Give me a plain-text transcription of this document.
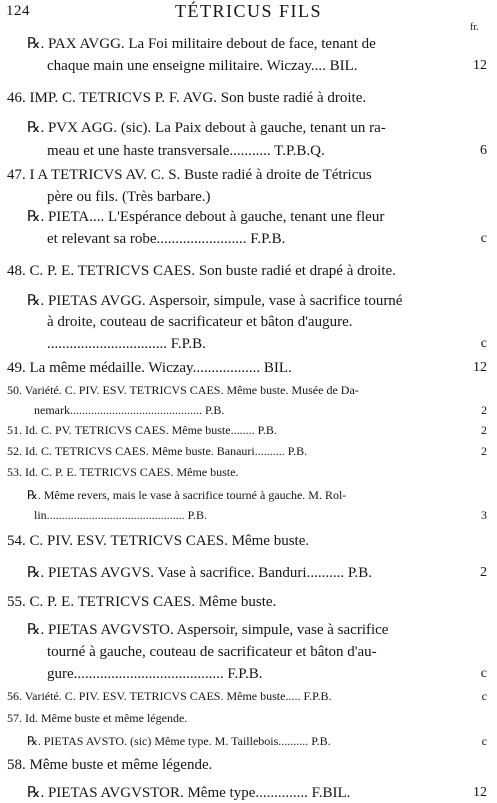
124	TÉTRICUS FILS
fr.
℞. PAX AVGG. La Foi militaire debout de face, tenant de
chaque main une enseigne militaire. Wiczay.... BIL.	12
46. IMP. C. TETRICVS P. F. AVG. Son buste radié à droite.
℞. PVX AGG. (sic). La Paix debout à gauche, tenant un ra-
meau et une haste transversale........... T.P.B.Q.	6
47. I A TETRICVS AV. C. S. Buste radié à droite de Tétricus
père ou fils. (Très barbare.)
℞. PIETA.... L'Espérance debout à gauche, tenant une fleur
et relevant sa robe........................ F.P.B.	c
48. C. P. E. TETRICVS CAES. Son buste radié et drapé à droite.
℞. PIETAS AVGG. Aspersoir, simpule, vase à sacrifice tourné
à droite, couteau de sacrificateur et bâton d'augure.
................................ F.P.B.	c
49. La même médaille. Wiczay.................. BIL.	12
50. Variété. C. PIV. ESV. TETRICVS CAES. Même buste. Musée de Da-
nemark............................................ P.B.	2
51. Id. C. PV. TETRICVS CAES. Même buste........ P.B.	2
52. Id. C. TETRICVS CAES. Même buste. Banauri.......... P.B.	2
53. Id. C. P. E. TETRICVS CAES. Même buste.
℞. Même revers, mais le vase à sacrifice tourné à gauche. M. Rol-
lin.............................................. P.B.	3
54. C. PIV. ESV. TETRICVS CAES. Même buste.
℞. PIETAS AVGVS. Vase à sacrifice. Banduri.......... P.B.	2
55. C. P. E. TETRICVS CAES. Même buste.
℞. PIETAS AVGVSTO. Aspersoir, simpule, vase à sacrifice
tourné à gauche, couteau de sacrificateur et bâton d'au-
gure........................................ F.P.B.	c
56. Variété. C. PIV. ESV. TETRICVS CAES. Même buste..... F.P.B.	c
57. Id. Même buste et même légende.
℞. PIETAS AVSTO. (sic) Même type. M. Taillebois.......... P.B.	c
58. Même buste et même légende.
℞. PIETAS AVGVSTOR. Même type.............. F.BIL.	12
